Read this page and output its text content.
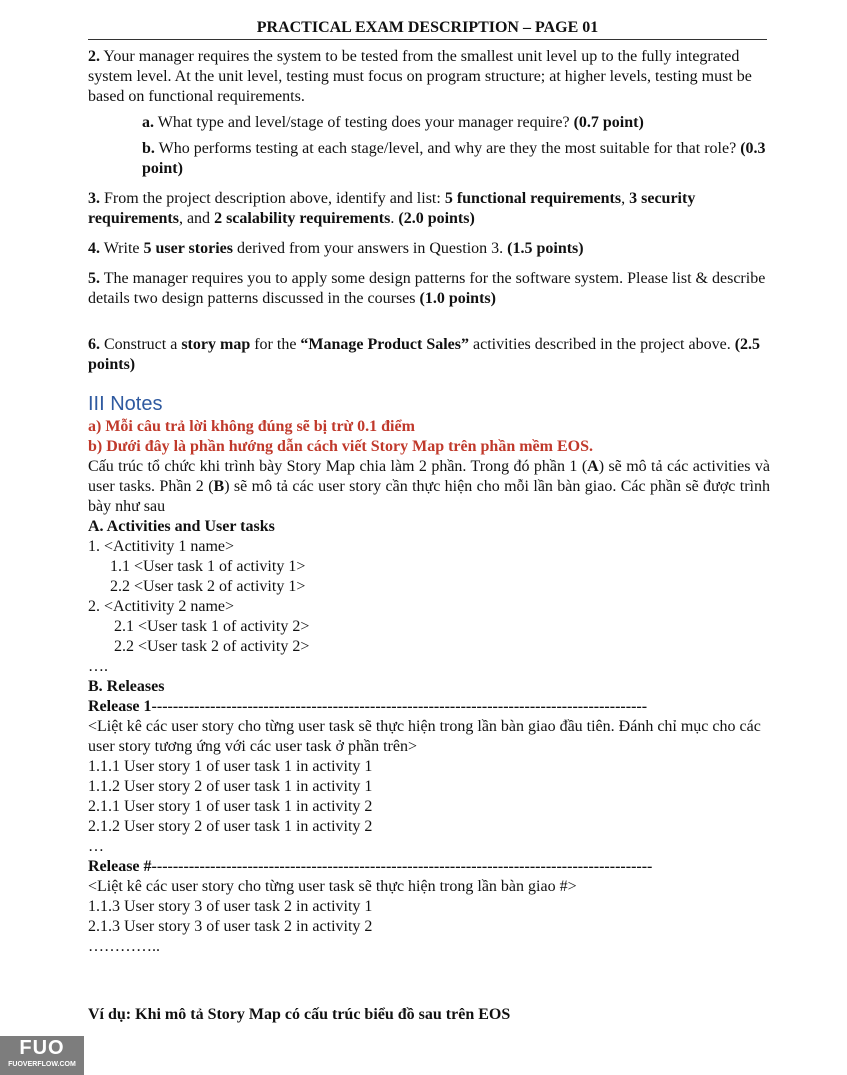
PRACTICAL EXAM DESCRIPTION – PAGE 01

2. Your manager requires the system to be tested from the smallest unit level up to the fully integrated system level. At the unit level, testing must focus on program structure; at higher levels, testing must be based on functional requirements.

a. What type and level/stage of testing does your manager require? (0.7 point)

b. Who performs testing at each stage/level, and why are they the most suitable for that role? (0.3 point)

3. From the project description above, identify and list: 5 functional requirements, 3 security requirements, and 2 scalability requirements. (2.0 points)

4. Write 5 user stories derived from your answers in Question 3. (1.5 points)

5. The manager requires you to apply some design patterns for the software system. Please list & describe details two design patterns discussed in the courses (1.0 points)

6. Construct a story map for the “Manage Product Sales” activities described in the project above. (2.5 points)

III Notes

a) Mỗi câu trả lời không đúng sẽ bị trừ 0.1 điểm

b) Dưới đây là phần hướng dẫn cách viết Story Map trên phần mềm EOS.

Cấu trúc tổ chức khi trình bày Story Map chia làm 2 phần. Trong đó phần 1 (A) sẽ mô tả các activities và user tasks. Phần 2 (B) sẽ mô tả các user story cần thực hiện cho mỗi lần bàn giao. Các phần sẽ được trình bày như sau

A. Activities and User tasks

1. <Actitivity 1 name>

1.1 <User task 1 of activity 1>

2.2 <User task 2 of activity 1>

2. <Actitivity 2 name>

2.1 <User task 1 of activity 2>

2.2 <User task 2 of activity 2>

….

B. Releases

Release 1---------------------------------------------------------------------------------------------

<Liệt kê các user story cho từng user task sẽ thực hiện trong lần bàn giao đầu tiên. Đánh chỉ mục cho các user story tương ứng với các user task ở phần trên>

1.1.1 User story 1 of user task 1 in activity 1

1.1.2 User story 2 of user task 1 in activity 1

2.1.1 User story 1 of user task 1 in activity 2

2.1.2 User story 2 of user task 1 in activity 2

…

Release #----------------------------------------------------------------------------------------------

<Liệt kê các user story cho từng user task sẽ thực hiện trong lần bàn giao #>

1.1.3 User story 3 of user task 2 in activity 1

2.1.3 User story 3 of user task 2 in activity 2

…………..

Ví dụ: Khi mô tả Story Map có cấu trúc biểu đồ sau trên EOS
FUO
FUOVERFLOW.COM
